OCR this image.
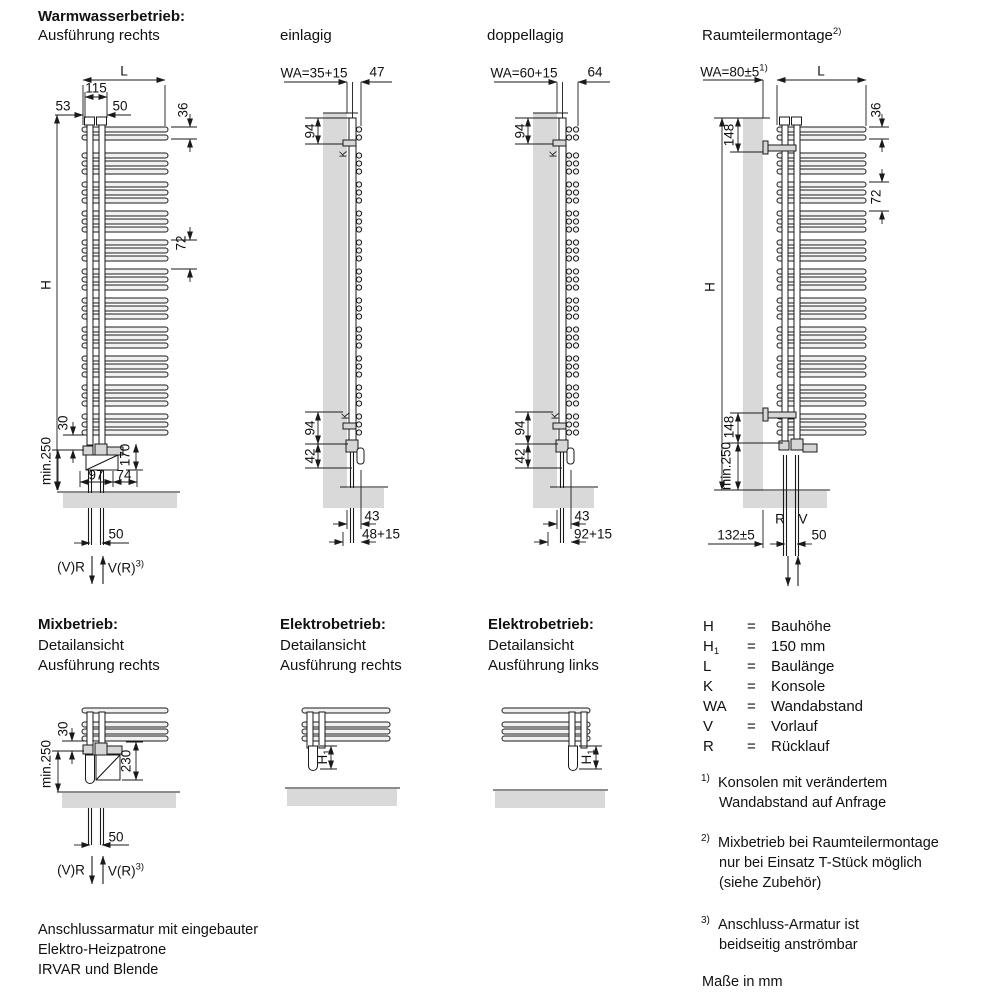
Warmwasserbetrieb:
Ausführung rechts	einlagig	doppellagig	Raumteilermontage$^{2)}$
Mixbetrieb:
Detailansicht
Ausführung rechts
Elektrobetrieb:
Detailansicht
Ausführung rechts
Elektrobetrieb:
Detailansicht
Ausführung links
L
115
53	50	36
72
H
30
min.250	170
97 74
50
(V)R $V(R)^{3)}$
WA=35+15 47
94
K
94
42
K
43
48+15
WA=60+15 64
94
K
94
42
K
43
92+15
$WA=80\pm 5^{1)}$	L
36
72
H
148
148
min.250
R V
132±5	50
30
min.250	230
50
(V)R $V(R)^{3)}$
$H_1$
$H_1$
H = Bauhöhe
$H_1 = 150$ mm
L = Baulänge
K = Konsole
WA = Wandabstand
V = Vorlauf
R = Rücklauf
1) Konsolen mit verändertem
Wandabstand auf Anfrage
2) Mixbetrieb bei Raumteilermontage
nur bei Einsatz T-Stück möglich
(siehe Zubehör)
3) Anschluss-Armatur ist
beidseitig anströmbar
Maße in mm
Anschlussarmatur mit eingebauter
Elektro-Heizpatrone
IRVAR und Blende
